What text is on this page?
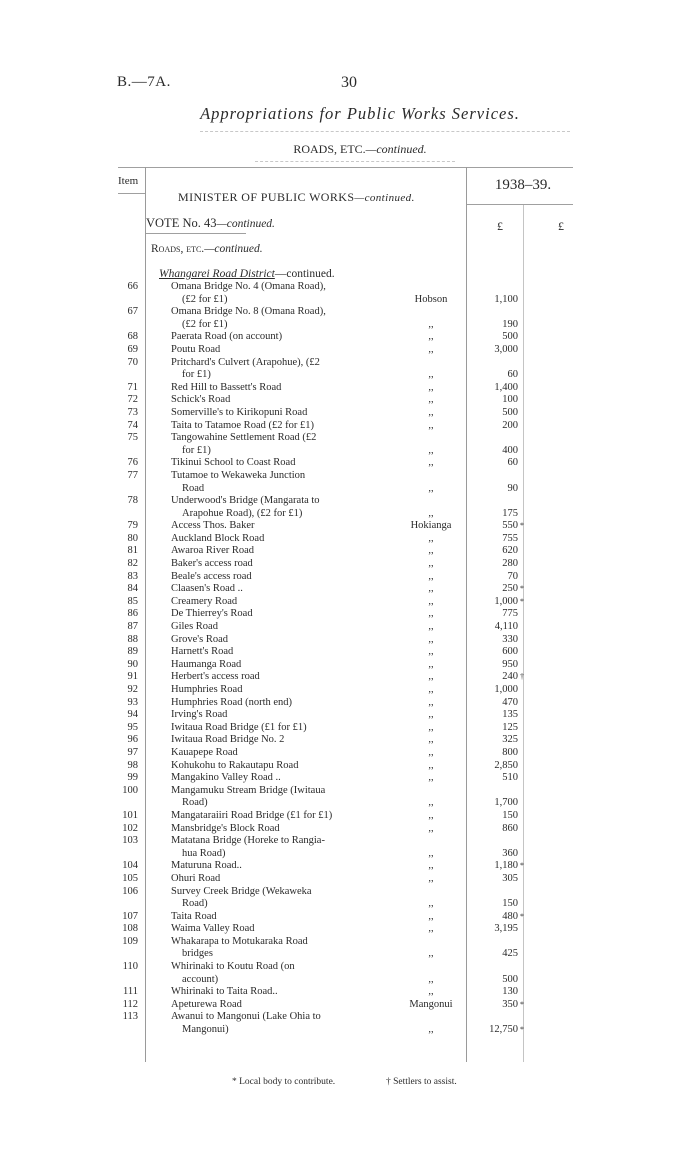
B.—7A.	30
Appropriations for Public Works Services.
ROADS, ETC.—continued.
Item
MINISTER OF PUBLIC WORKS—continued.
1938–39.
VOTE No. 43—continued.	£	£
Roads, etc.—continued.
Whangarei Road District—continued.
66	Omana Bridge No. 4 (Omana Road),
(£2 for £1)	Hobson	1,100
67	Omana Bridge No. 8 (Omana Road),
(£2 for £1)	,,	190
68	Paerata Road (on account)	,,	500
69	Poutu Road	,,	3,000
70	Pritchard's Culvert (Arapohue), (£2
for £1)	,,	60
71	Red Hill to Bassett's Road	,,	1,400
72	Schick's Road	,,	100
73	Somerville's to Kirikopuni Road	,,	500
74	Taita to Tatamoe Road (£2 for £1)	,,	200
75	Tangowahine Settlement Road (£2
for £1)	,,	400
76	Tikinui School to Coast Road	,,	60
77	Tutamoe to Wekaweka Junction
Road	,,	90
78	Underwood's Bridge (Mangarata to
Arapohue Road), (£2 for £1)	,,	175
79	Access Thos. Baker	Hokianga	550 *
80	Auckland Block Road	,,	755
81	Awaroa River Road	,,	620
82	Baker's access road	,,	280
83	Beale's access road	,,	70
84	Claasen's Road ..	,,	250 *
85	Creamery Road	,,	1,000 *
86	De Thierrey's Road	,,	775
87	Giles Road	,,	4,110
88	Grove's Road	,,	330
89	Harnett's Road	,,	600
90	Haumanga Road	,,	950
91	Herbert's access road	,,	240 †
92	Humphries Road	,,	1,000
93	Humphries Road (north end)	,,	470
94	Irving's Road	,,	135
95	Iwitaua Road Bridge (£1 for £1)	,,	125
96	Iwitaua Road Bridge No. 2	,,	325
97	Kauapepe Road	,,	800
98	Kohukohu to Rakautapu Road	,,	2,850
99	Mangakino Valley Road ..	,,	510
100	Mangamuku Stream Bridge (Iwitaua
Road)	,,	1,700
101	Mangataraiiri Road Bridge (£1 for £1)	,,	150
102	Mansbridge's Block Road	,,	860
103	Matatana Bridge (Horeke to Rangia-
hua Road)	,,	360
104	Maturuna Road..	,,	1,180 *
105	Ohuri Road	,,	305
106	Survey Creek Bridge (Wekaweka
Road)	,,	150
107	Taita Road	,,	480 *
108	Waima Valley Road	,,	3,195
109	Whakarapa to Motukaraka Road
bridges	,,	425
110	Whirinaki to Koutu Road (on
account)	,,	500
111	Whirinaki to Taita Road..	,,	130
112	Apeturewa Road	Mangonui	350 *
113	Awanui to Mangonui (Lake Ohia to
Mangonui)	,,	12,750 *
* Local body to contribute.	† Settlers to assist.
